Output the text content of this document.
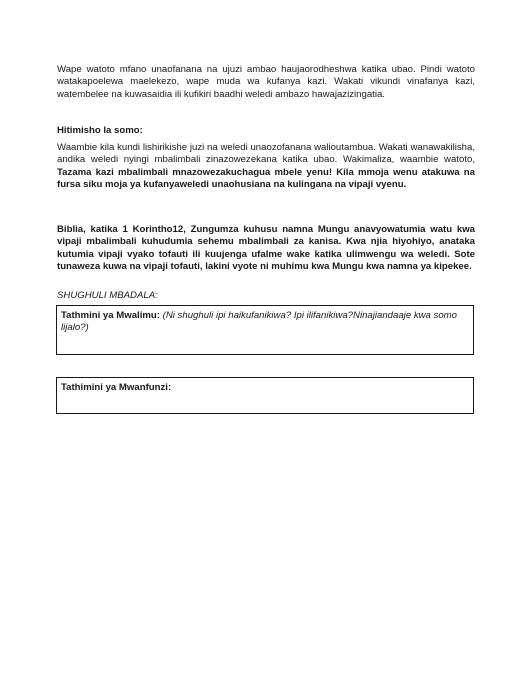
Wape watoto mfano unaofanana na ujuzi ambao haujaorodheshwa katika ubao. Pindi watoto watakapoelewa maelekezo, wape muda wa kufanya kazi. Wakati vikundi vinafanya kazi, watembelee na kuwasaidia ili kufikiri baadhi weledi ambazo hawajazizingatia.
Hitimisho la somo:
Waambie kila kundi lishirikishe juzi na weledi unaozofanana walioutambua. Wakati wanawakilisha, andika weledi nyingi mbalimbali zinazowezekana katika ubao. Wakimaliza, waambie watoto, Tazama kazi mbalimbali mnazowezakuchagua mbele yenu! Kila mmoja wenu atakuwa na fursa siku moja ya kufanyaweledi unaohusiana na kulingana na vipaji vyenu.
Biblia, katika 1 Korintho12, Zungumza kuhusu namna Mungu anavyowatumia watu kwa vipaji mbalimbali kuhudumia sehemu mbalimbali za kanisa. Kwa njia hiyohiyo, anataka kutumia vipaji vyako tofauti ili kuujenga ufalme wake katika ulimwengu wa weledi. Sote tunaweza kuwa na vipaji tofauti, lakini vyote ni muhimu kwa Mungu kwa namna ya kipekee.
SHUGHULI MBADALA:
Tathmini ya Mwalimu: (Ni shughuli ipi haikufanikiwa? Ipi ilifanikiwa?Ninajiandaaje kwa somo lijalo?)
Tathimini ya Mwanfunzi:
